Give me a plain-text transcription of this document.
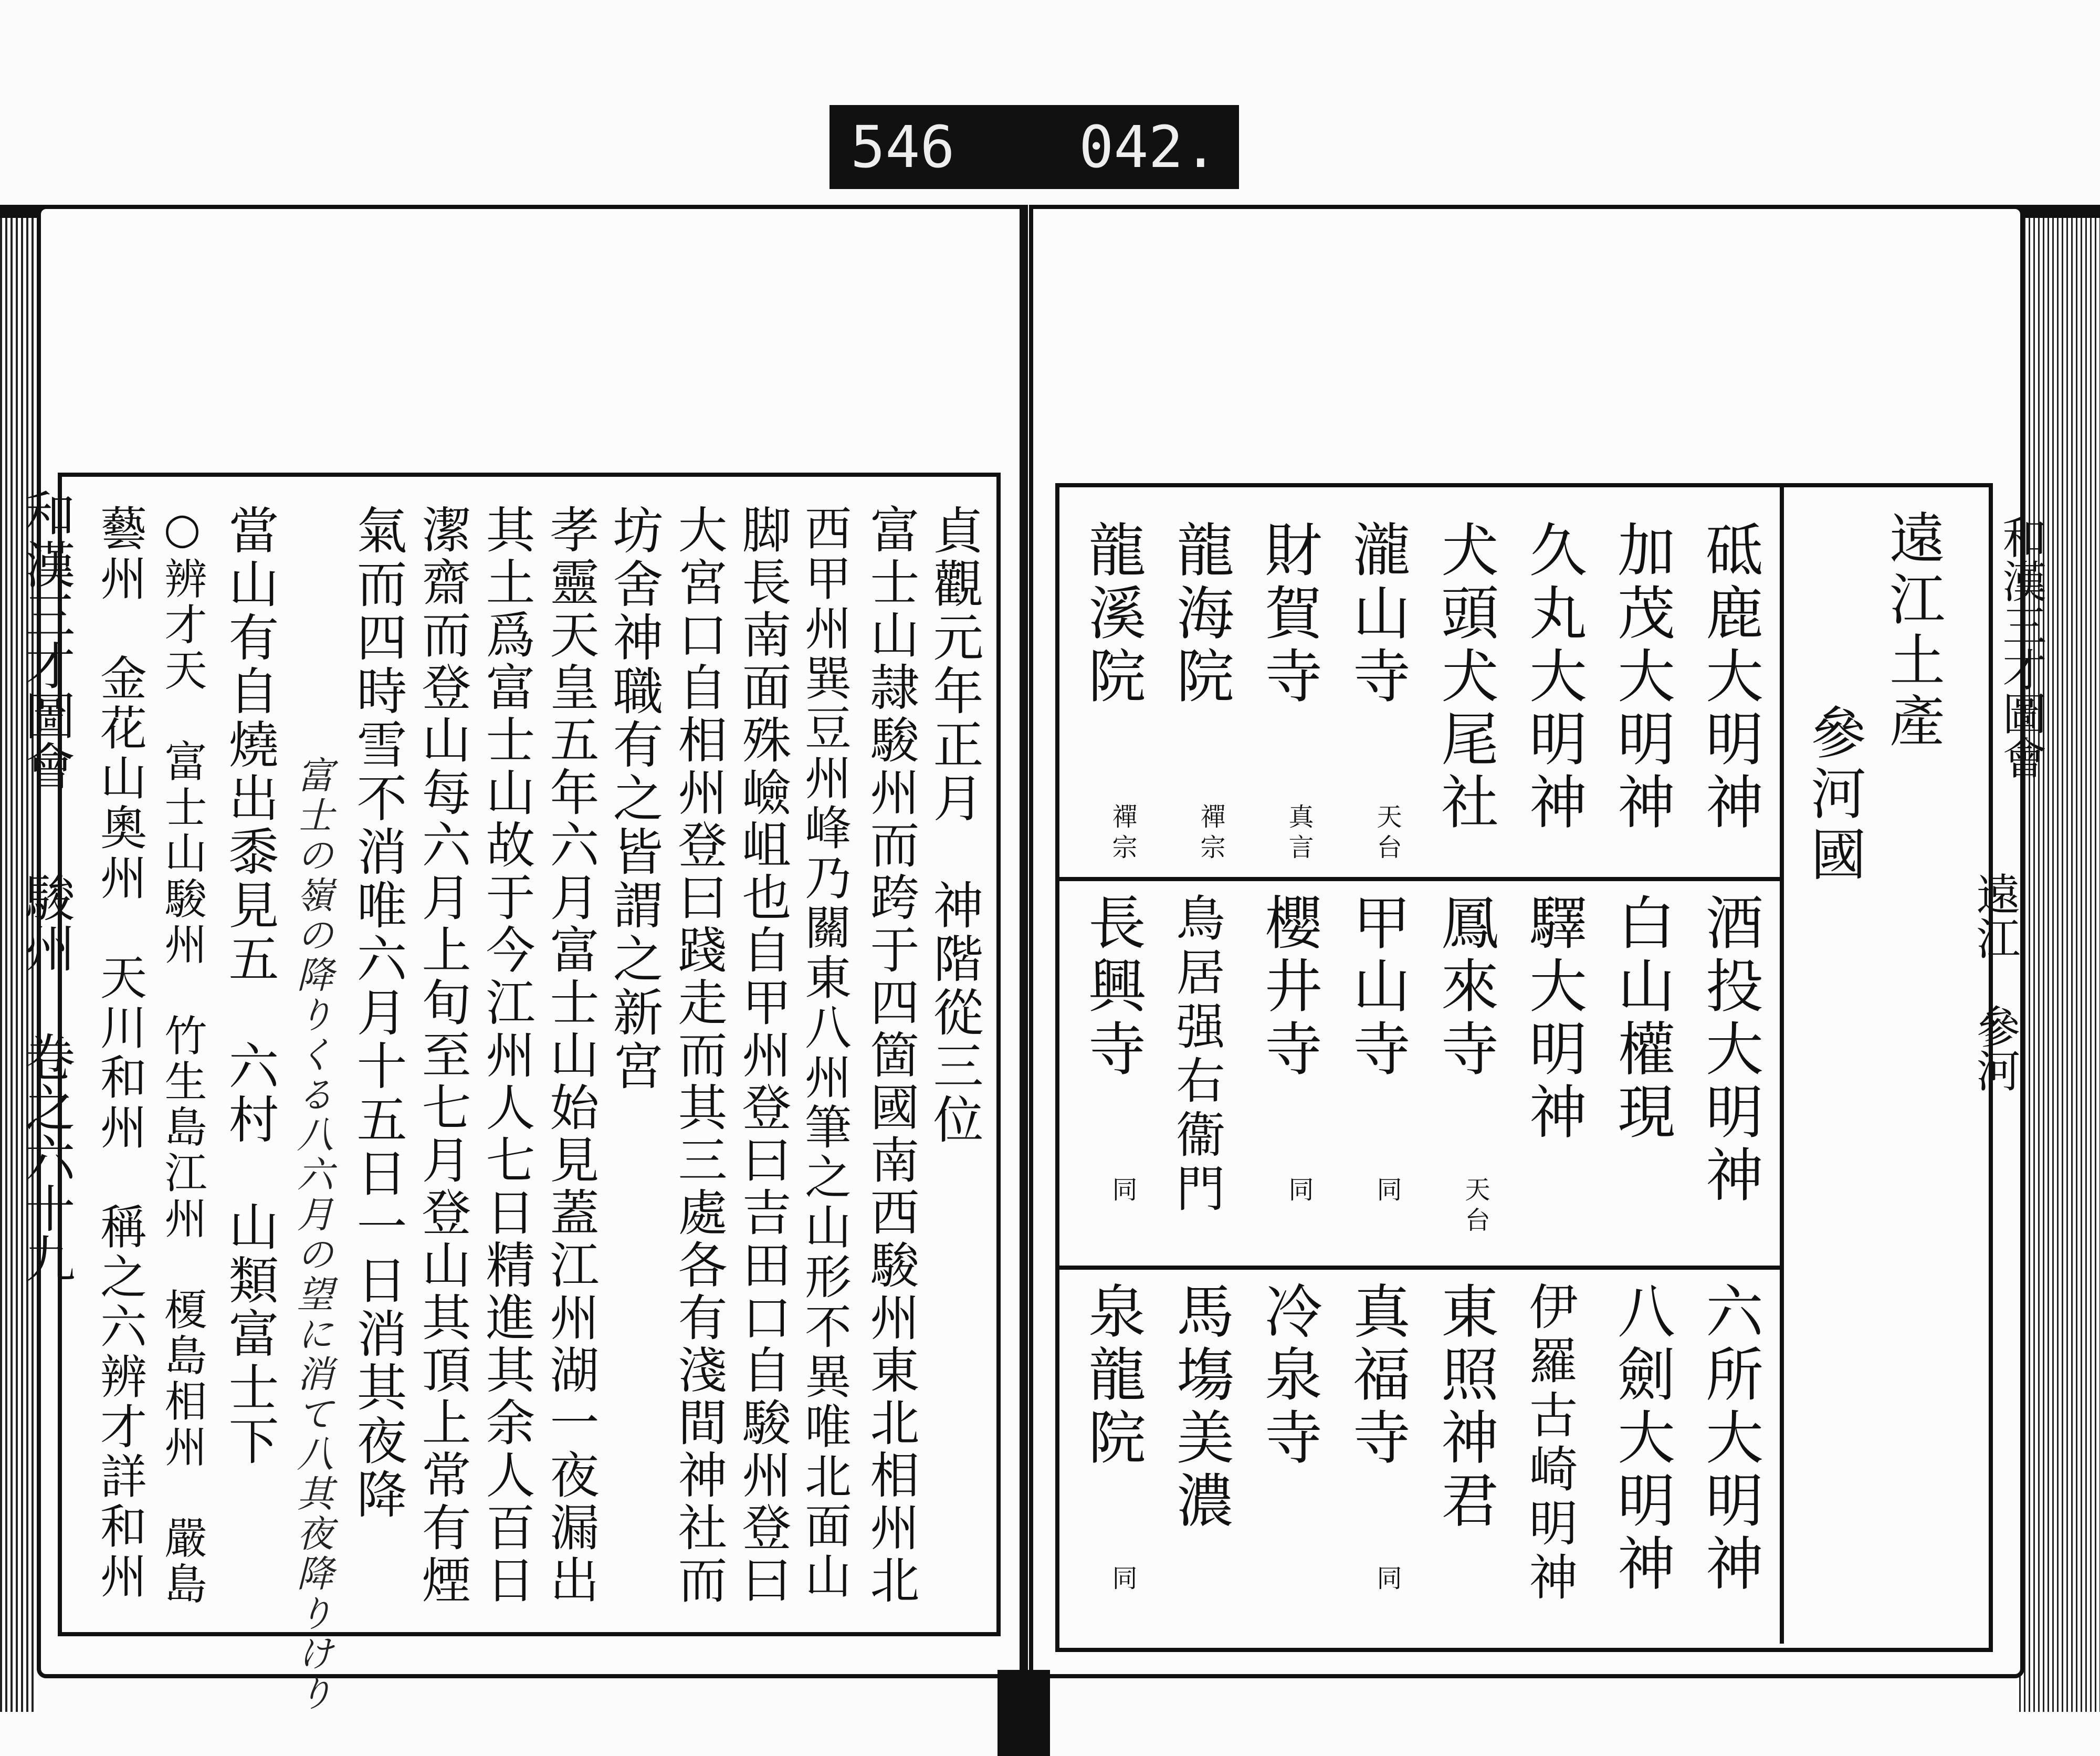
546 042.
和漢三才圖會
駿州 卷之六十九	貞觀元年正月　神階從三位
富士山隷駿州而跨于四箇國南西駿州東北相州北
西甲州巽豆州峰乃關東八州筆之山形不異唯北面山
脚長南面殊嶮岨也自甲州登曰吉田口自駿州登曰
大宮口自相州登曰踐走而其三處各有淺間神社而
坊舍神職有之皆謂之新宮
孝靈天皇五年六月富士山始見蓋江州湖一夜漏出
其土爲富士山故于今江州人七日精進其余人百日
潔齋而登山每六月上旬至七月登山其頂上常有煙
氣而四時雪不消唯六月十五日一日消其夜降
富士の嶺の降りくる八六月の望に消て八其夜降りけり
當山有自燒出黍見五　六村　山類富士下
○辨才天　富士山駿州　竹生島江州　榎島相州　嚴島
藝州　金花山奧州　天川和州　稱之六辨才詳和州	和漢三才圖會
遠江　參河
遠江土產
參河國
砥鹿大明神
酒投大明神
六所大明神
加茂大明神
白山權現
八劍大明神
久丸大明神
驛大明神
伊羅古崎明神
犬頭犬尾社
鳳來寺
天台
東照神君
瀧山寺
天台
甲山寺
同
真福寺
同
財賀寺
真言
櫻井寺
同
冷泉寺
龍海院
禪宗
鳥居强右衞門
馬塲美濃
龍溪院
禪宗
長興寺
同
泉龍院
同
